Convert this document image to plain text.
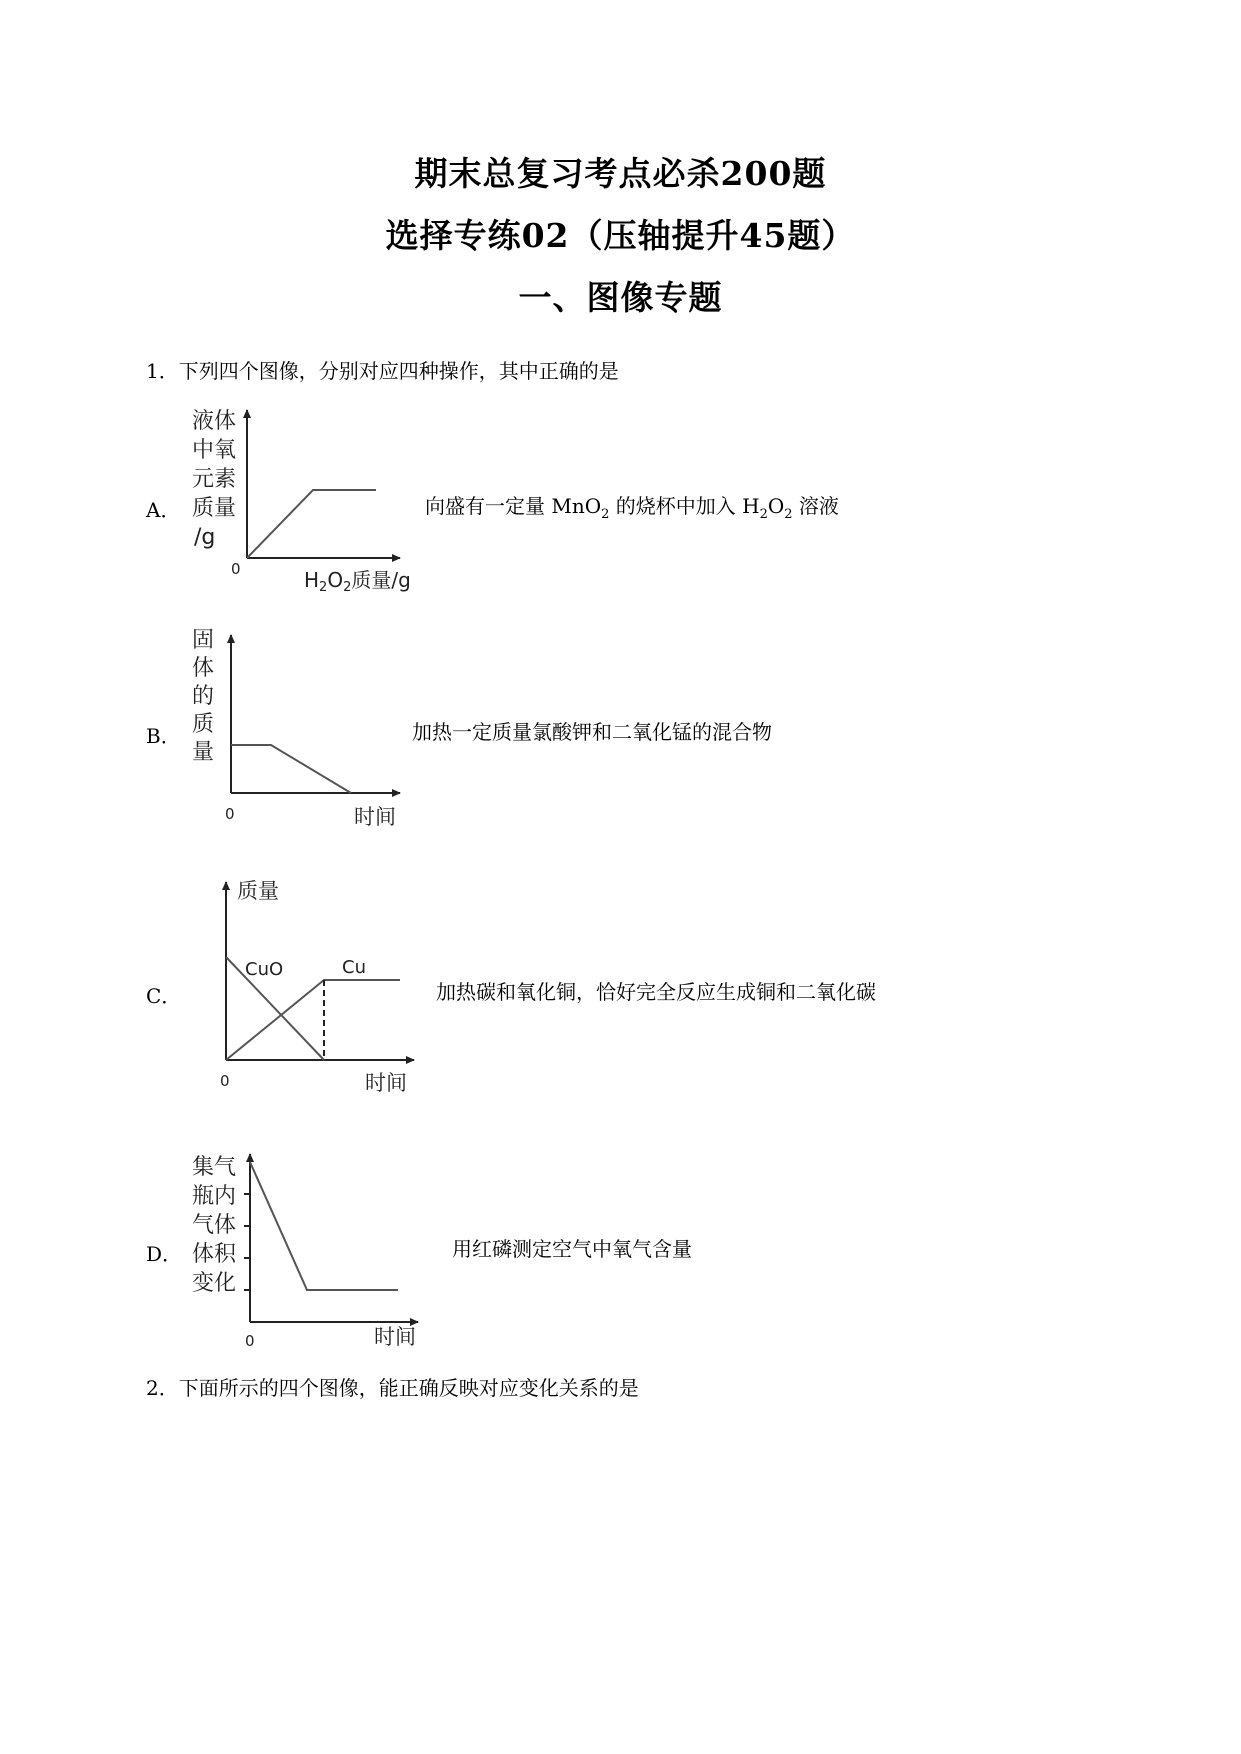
期末总复习考点必杀200题
选择专练02（压轴提升45题）
一、图像专题
1．下列四个图像，分别对应四种操作，其中正确的是
A．
液体
中氧
元素
质量
/g
0	$H_2O_2$质量/g
向盛有一定量 MnO$_2$ 的烧杯中加入 $H_2O_2$ 溶液
B．
固
体
的
质
量
0	时间
加热一定质量氯酸钾和二氧化锰的混合物
C．
质量
0
CuO	Cu
时间
加热碳和氧化铜，恰好完全反应生成铜和二氧化碳
D．
集气
瓶内
气体
体积
变化
0	时间
用红磷测定空气中氧气含量
2．下面所示的四个图像，能正确反映对应变化关系的是
